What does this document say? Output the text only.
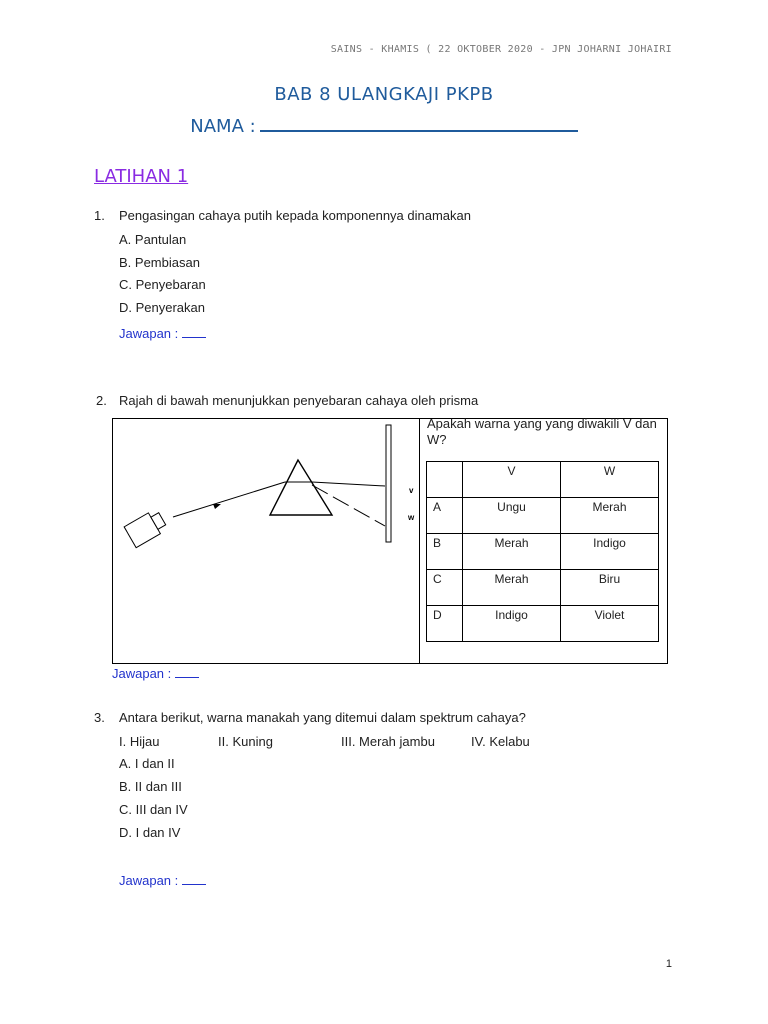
SAINS - KHAMIS ( 22 OKTOBER 2020 - JPN JOHARNI JOHAIRI
BAB 8 ULANGKAJI PKPB
NAMA :
LATIHAN 1
1. Pengasingan cahaya putih kepada komponennya dinamakan
A. Pantulan
B. Pembiasan
C. Penyebaran
D. Penyerakan
Jawapan :
2. Rajah di bawah menunjukkan penyebaran cahaya oleh prisma
v
w
Apakah warna yang yang diwakili V dan W?
	V	W
A	Ungu	Merah
B	Merah	Indigo
C	Merah	Biru
D	Indigo	Violet
Jawapan :
3. Antara berikut, warna manakah yang ditemui dalam spektrum cahaya?
I. Hijau	II. Kuning	III. Merah jambu	IV. Kelabu
A. I dan II
B. II dan III
C. III dan IV
D. I dan IV
Jawapan :
1
